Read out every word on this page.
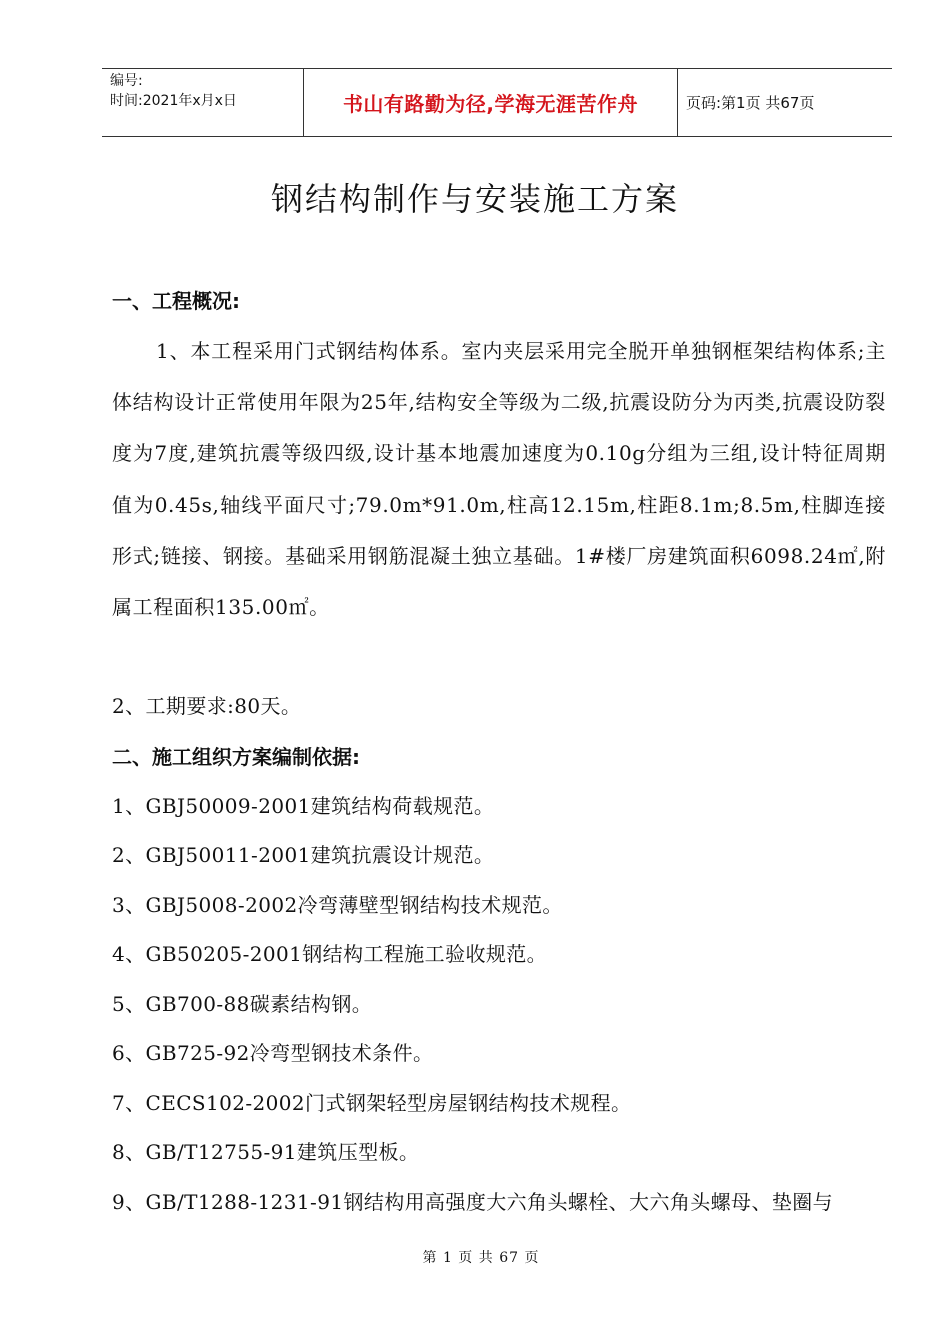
编号:
时间:2021年x月x日	书山有路勤为径,学海无涯苦作舟	页码:第1页 共67页
钢结构制作与安装施工方案
一、工程概况:
1、本工程采用门式钢结构体系。室内夹层采用完全脱开单独钢框架结构体系;主体结构设计正常使用年限为25年,结构安全等级为二级,抗震设防分为丙类,抗震设防裂度为7度,建筑抗震等级四级,设计基本地震加速度为0.10g分组为三组,设计特征周期值为0.45s,轴线平面尺寸;79.0m*91.0m,柱高12.15m,柱距8.1m;8.5m,柱脚连接形式;链接、钢接。基础采用钢筋混凝土独立基础。1#楼厂房建筑面积6098.24㎡,附属工程面积135.00㎡。
2、工期要求:80天。
二、施工组织方案编制依据:
1、GBJ50009-2001建筑结构荷载规范。
2、GBJ50011-2001建筑抗震设计规范。
3、GBJ5008-2002冷弯薄壁型钢结构技术规范。
4、GB50205-2001钢结构工程施工验收规范。
5、GB700-88碳素结构钢。
6、GB725-92冷弯型钢技术条件。
7、CECS102-2002门式钢架轻型房屋钢结构技术规程。
8、GB/T12755-91建筑压型板。
9、GB/T1288-1231-91钢结构用高强度大六角头螺栓、大六角头螺母、垫圈与
第 1 页 共 67 页
